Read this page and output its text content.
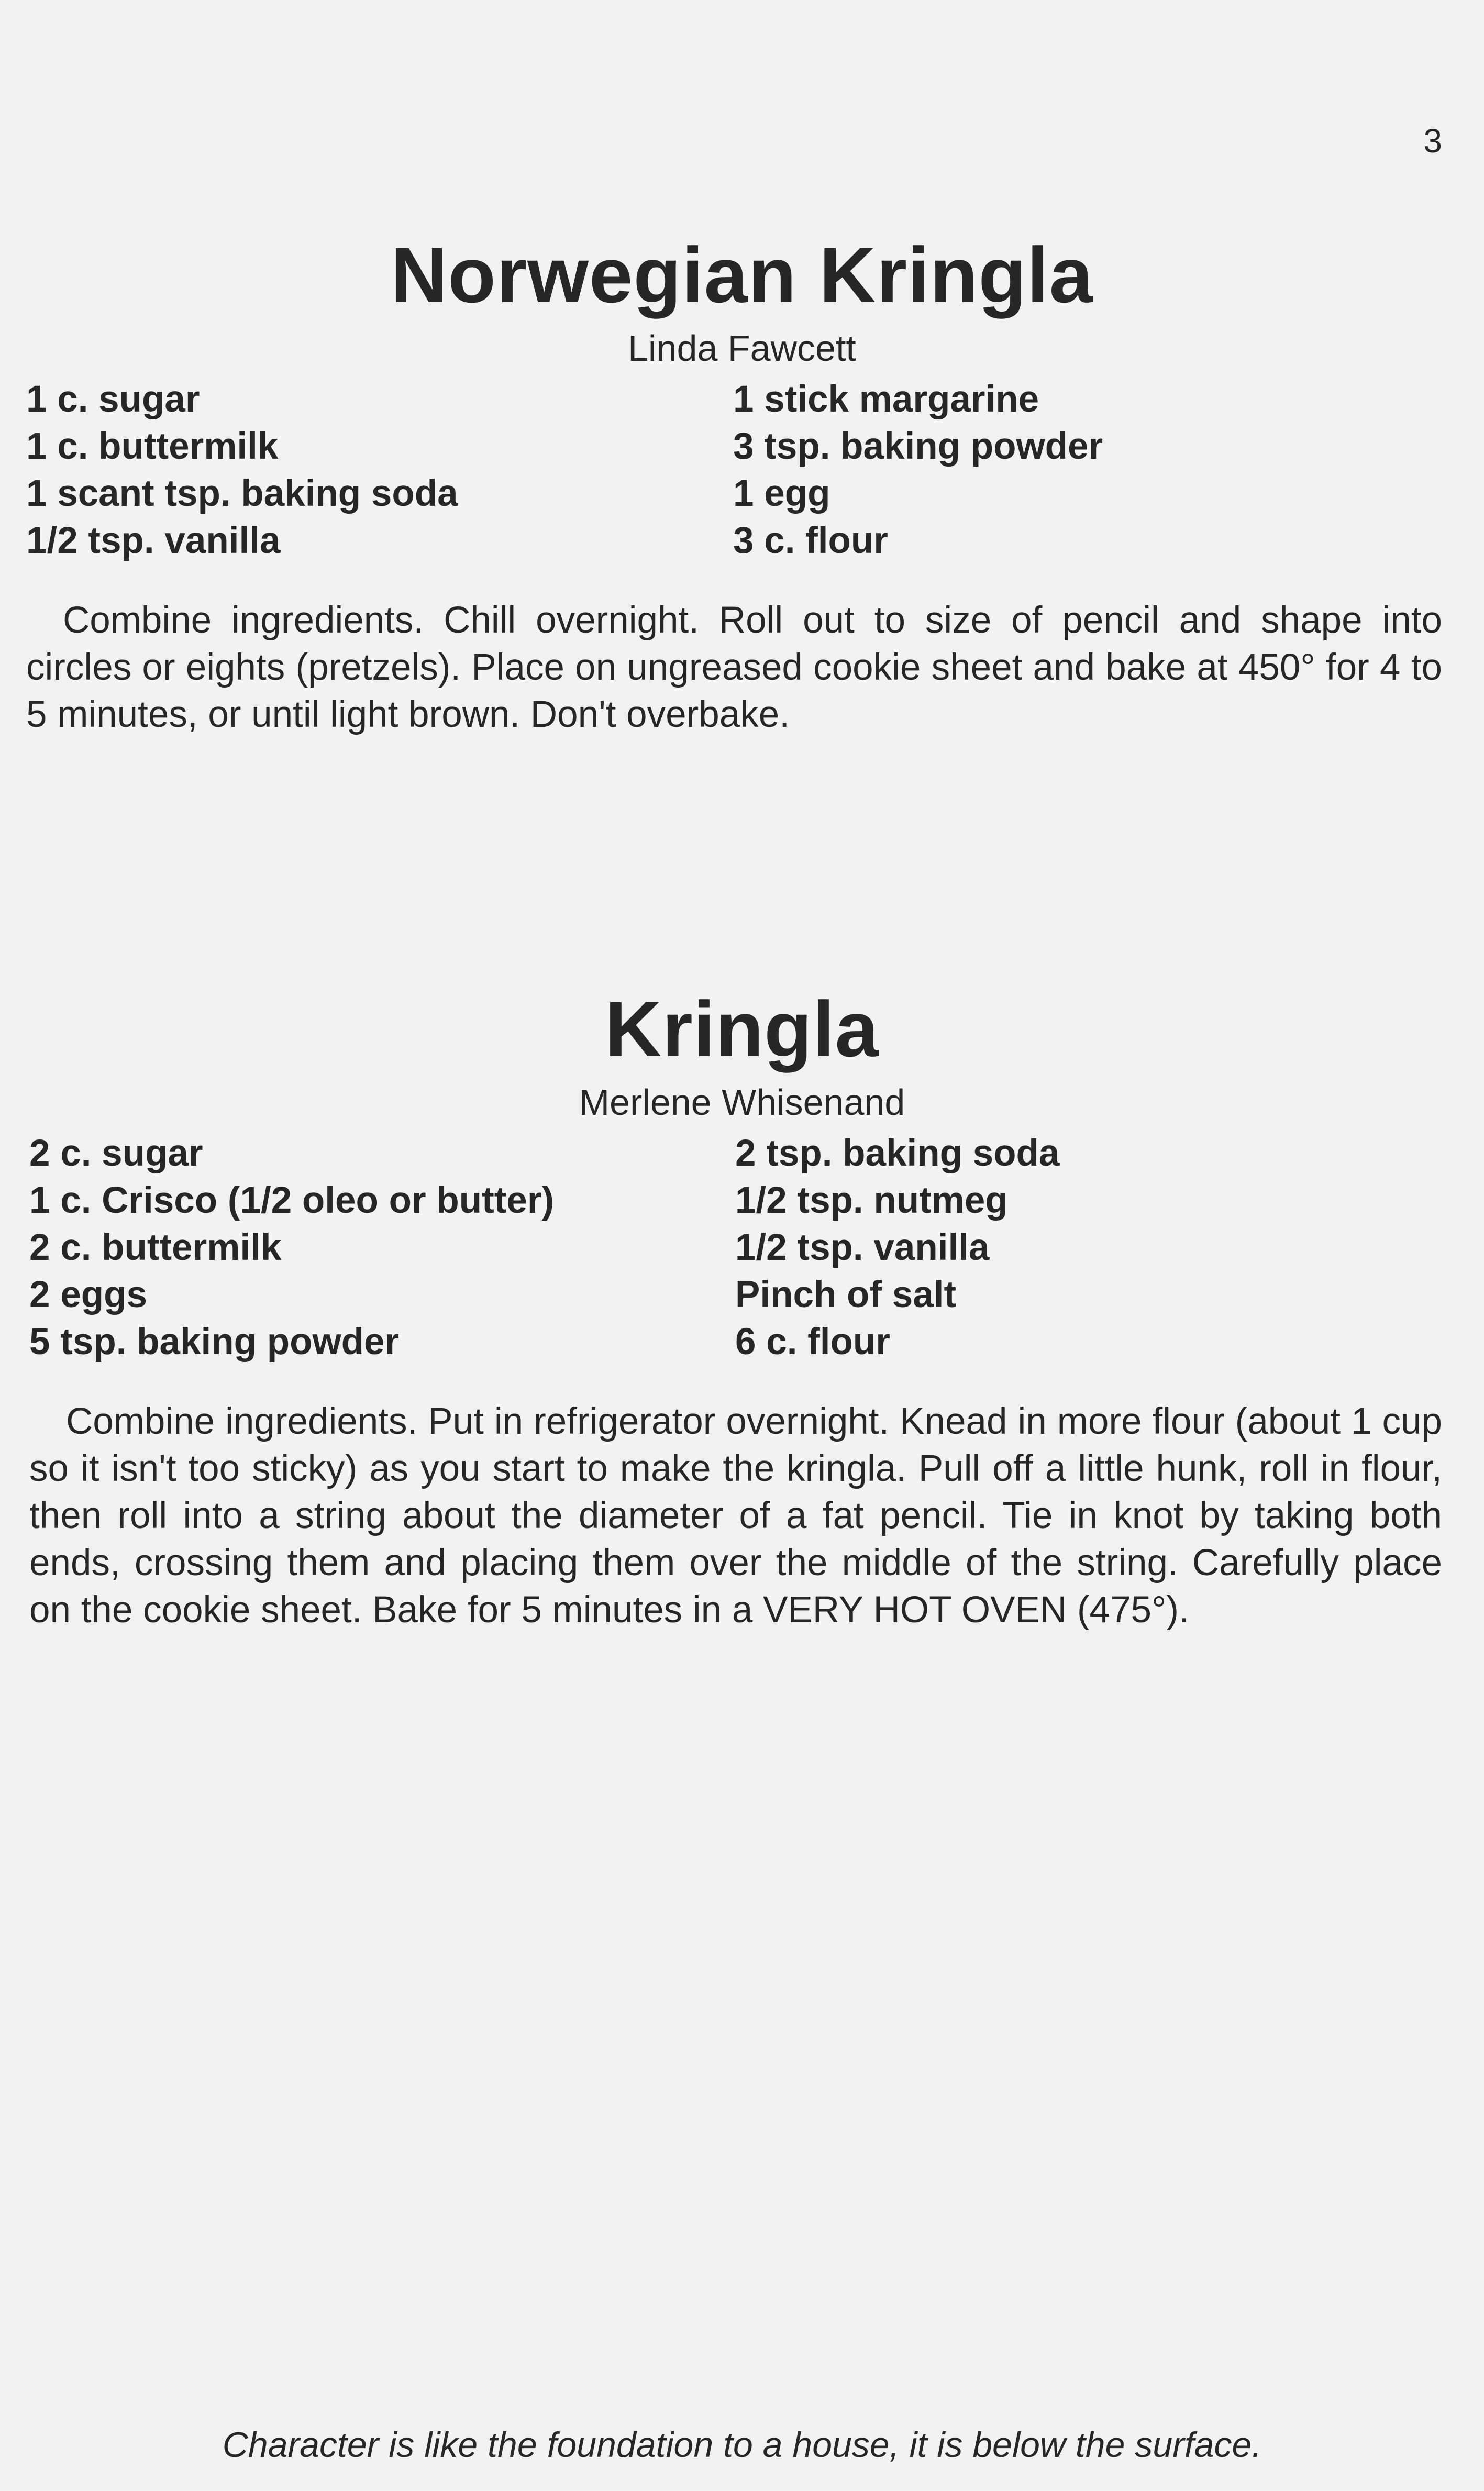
3
Norwegian Kringla
Linda Fawcett
1 c. sugar
1 c. buttermilk
1 scant tsp. baking soda
1/2 tsp. vanilla
1 stick margarine
3 tsp. baking powder
1 egg
3 c. flour

Combine ingredients. Chill overnight. Roll out to size of pencil and shape into circles or eights (pretzels). Place on ungreased cookie sheet and bake at 450° for 4 to 5 minutes, or until light brown. Don't overbake.

Kringla
Merlene Whisenand
2 c. sugar
1 c. Crisco (1/2 oleo or butter)
2 c. buttermilk
2 eggs
5 tsp. baking powder
2 tsp. baking soda
1/2 tsp. nutmeg
1/2 tsp. vanilla
Pinch of salt
6 c. flour

Combine ingredients. Put in refrigerator overnight. Knead in more flour (about 1 cup so it isn't too sticky) as you start to make the kringla. Pull off a little hunk, roll in flour, then roll into a string about the diameter of a fat pencil. Tie in knot by taking both ends, crossing them and placing them over the middle of the string. Carefully place on the cookie sheet. Bake for 5 minutes in a VERY HOT OVEN (475°).

Character is like the foundation to a house, it is below the surface.
